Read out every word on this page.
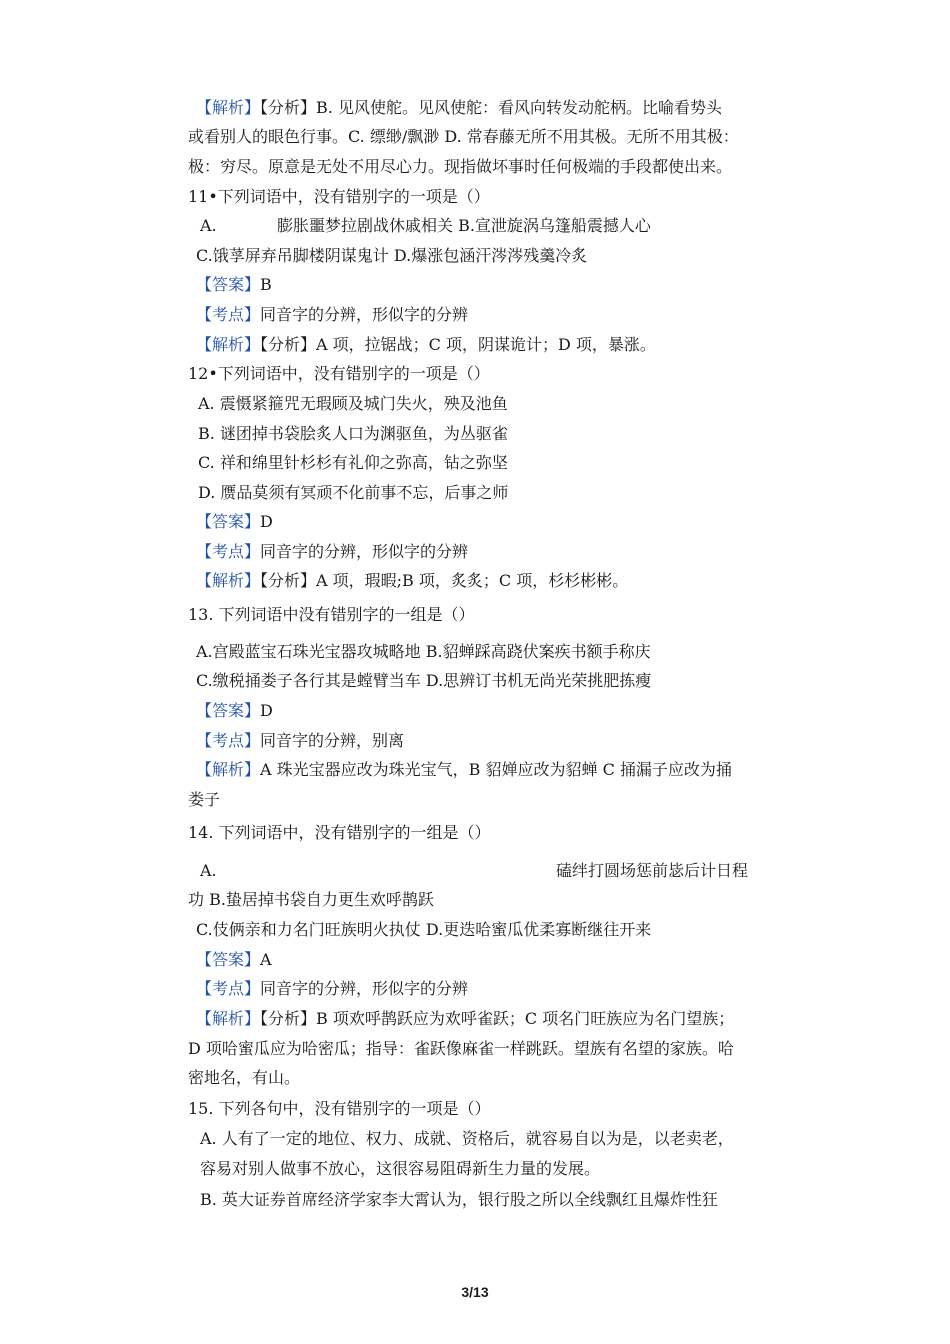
【解析】【分析】B. 见风使舵。见风使舵：看风向转发动舵柄。比喻看势头
或看别人的眼色行事。C. 缥缈/飘渺 D. 常春藤无所不用其极。无所不用其极：
极：穷尽。原意是无处不用尽心力。现指做坏事时任何极端的手段都使出来。
11•下列词语中，没有错别字的一项是（）
A.	膨胀噩梦拉剧战休戚相关 B.宣泄旋涡乌篷船震撼人心
C.饿莩屏弃吊脚楼阴谋鬼计 D.爆涨包涵汗涔涔残羹冷炙
【答案】B
【考点】同音字的分辨，形似字的分辨
【解析】【分析】A 项，拉锯战；C 项，阴谋诡计；D 项，暴涨。
12•下列词语中，没有错别字的一项是（）
A. 震慑紧箍咒无瑕顾及城门失火，殃及池鱼
B. 谜团掉书袋脍炙人口为渊驱鱼，为丛驱雀
C. 祥和绵里针杉杉有礼仰之弥高，钻之弥坚
D. 赝品莫须有冥顽不化前事不忘，后事之师
【答案】D
【考点】同音字的分辨，形似字的分辨
【解析】【分析】A 项，瑕暇;B 项，炙炙；C 项，杉杉彬彬。
13. 下列词语中没有错别字的一组是（）
A.宫殿蓝宝石珠光宝器攻城略地 B.貂蝉踩高跷伏案疾书额手称庆
C.缴税捅娄子各行其是螳臂当车 D.思辨订书机无尚光荣挑肥拣瘦
【答案】D
【考点】同音字的分辨，别离
【解析】A 珠光宝器应改为珠光宝气，B 貂婵应改为貂蝉 C 捅漏子应改为捅
娄子
14. 下列词语中，没有错别字的一组是（）
A.	磕绊打圆场惩前毖后计日程
功 B.蛰居掉书袋自力更生欢呼鹊跃
C.伎俩亲和力名门旺族明火执仗 D.更迭哈蜜瓜优柔寡断继往开来
【答案】A
【考点】同音字的分辨，形似字的分辨
【解析】【分析】B 项欢呼鹊跃应为欢呼雀跃；C 项名门旺族应为名门望族；
D 项哈蜜瓜应为哈密瓜；指导：雀跃像麻雀一样跳跃。望族有名望的家族。哈
密地名，有山。
15. 下列各句中，没有错别字的一项是（）
A. 人有了一定的地位、权力、成就、资格后，就容易自以为是，以老卖老，
容易对别人做事不放心，这很容易阻碍新生力量的发展。
B. 英大证券首席经济学家李大霄认为，银行股之所以全线飘红且爆炸性狂
3/13
